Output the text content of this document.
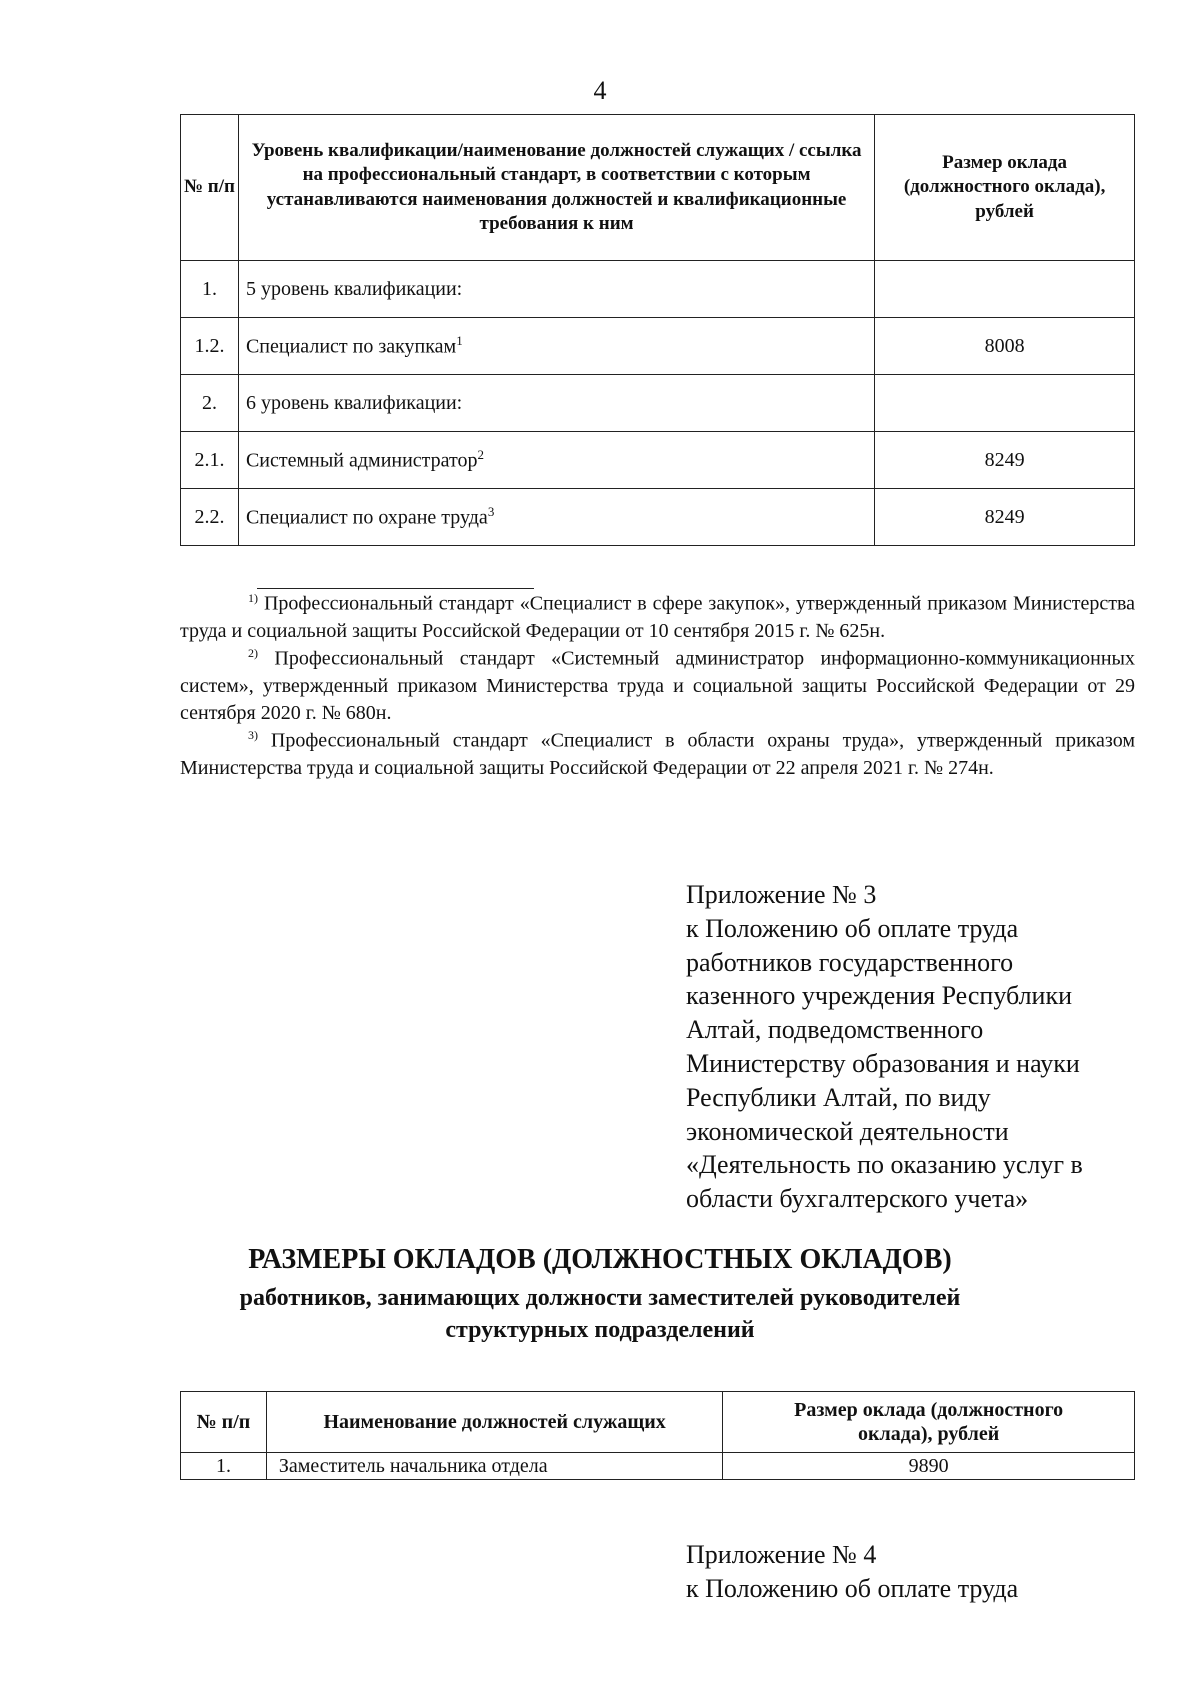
4
№ п/п	Уровень квалификации/наименование должностей служащих / ссылка на профессиональный стандарт, в соответствии с которым устанавливаются наименования должностей и квалификационные требования к ним	Размер оклада (должностного оклада), рублей
1.	5 уровень квалификации:	
1.2.	Специалист по закупкам$^1$	8008
2.	6 уровень квалификации:	
2.1.	Системный администратор$^2$	8249
2.2.	Специалист по охране труда$^3$	8249

$^{1)}$ Профессиональный стандарт «Специалист в сфере закупок», утвержденный приказом Министерства труда и социальной защиты Российской Федерации от 10 сентября 2015 г. № 625н.

$^{2)}$ Профессиональный стандарт «Системный администратор информационно-коммуникационных систем», утвержденный приказом Министерства труда и социальной защиты Российской Федерации от 29 сентября 2020 г. № 680н.

$^{3)}$ Профессиональный стандарт «Специалист в области охраны труда», утвержденный приказом Министерства труда и социальной защиты Российской Федерации от 22 апреля 2021 г. № 274н.

Приложение № 3
к Положению об оплате труда
работников государственного
казенного учреждения Республики
Алтай, подведомственного
Министерству образования и науки
Республики Алтай, по виду
экономической деятельности
«Деятельность по оказанию услуг в
области бухгалтерского учета»
РАЗМЕРЫ ОКЛАДОВ (ДОЛЖНОСТНЫХ ОКЛАДОВ)
работников, занимающих должности заместителей руководителей
структурных подразделений
№ п/п	Наименование должностей служащих	Размер оклада (должностного оклада), рублей
1.	Заместитель начальника отдела	9890
Приложение № 4
к Положению об оплате труда
